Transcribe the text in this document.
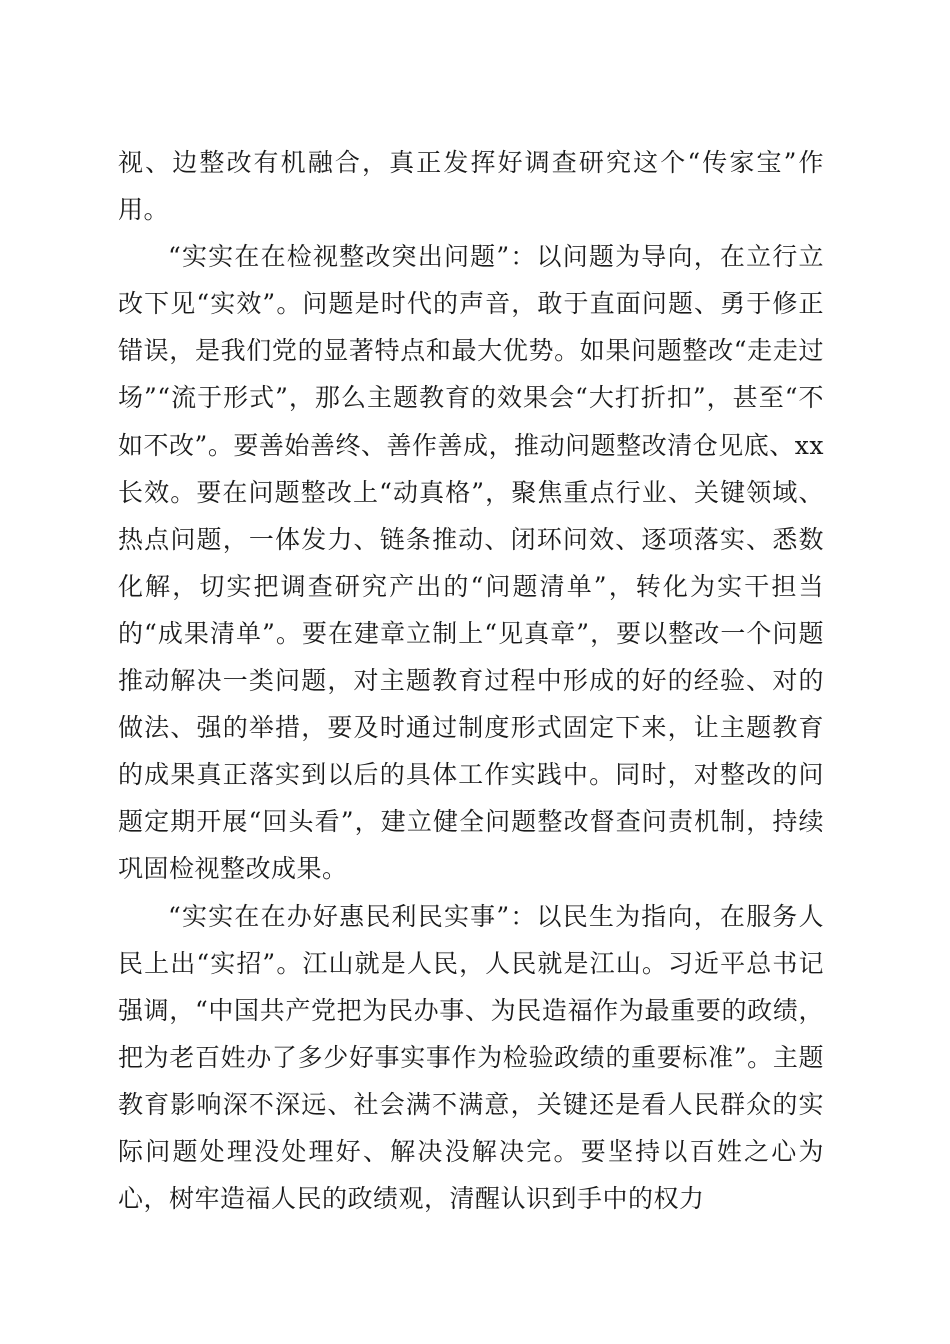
视、边整改有机融合，真正发挥好调查研究这个“传家宝”作用。

“实实在在检视整改突出问题”：以问题为导向，在立行立改下见“实效”。问题是时代的声音，敢于直面问题、勇于修正错误，是我们党的显著特点和最大优势。如果问题整改“走走过场”“流于形式”，那么主题教育的效果会“大打折扣”，甚至“不如不改”。要善始善终、善作善成，推动问题整改清仓见底、xx长效。要在问题整改上“动真格”，聚焦重点行业、关键领域、热点问题，一体发力、链条推动、闭环问效、逐项落实、悉数化解，切实把调查研究产出的“问题清单”，转化为实干担当的“成果清单”。要在建章立制上“见真章”，要以整改一个问题推动解决一类问题，对主题教育过程中形成的好的经验、对的做法、强的举措，要及时通过制度形式固定下来，让主题教育的成果真正落实到以后的具体工作实践中。同时，对整改的问题定期开展“回头看”，建立健全问题整改督查问责机制，持续巩固检视整改成果。

“实实在在办好惠民利民实事”：以民生为指向，在服务人民上出“实招”。江山就是人民，人民就是江山。习近平总书记强调，“中国共产党把为民办事、为民造福作为最重要的政绩，把为老百姓办了多少好事实事作为检验政绩的重要标准”。主题教育影响深不深远、社会满不满意，关键还是看人民群众的实际问题处理没处理好、解决没解决完。要坚持以百姓之心为心，树牢造福人民的政绩观，清醒认识到手中的权力
